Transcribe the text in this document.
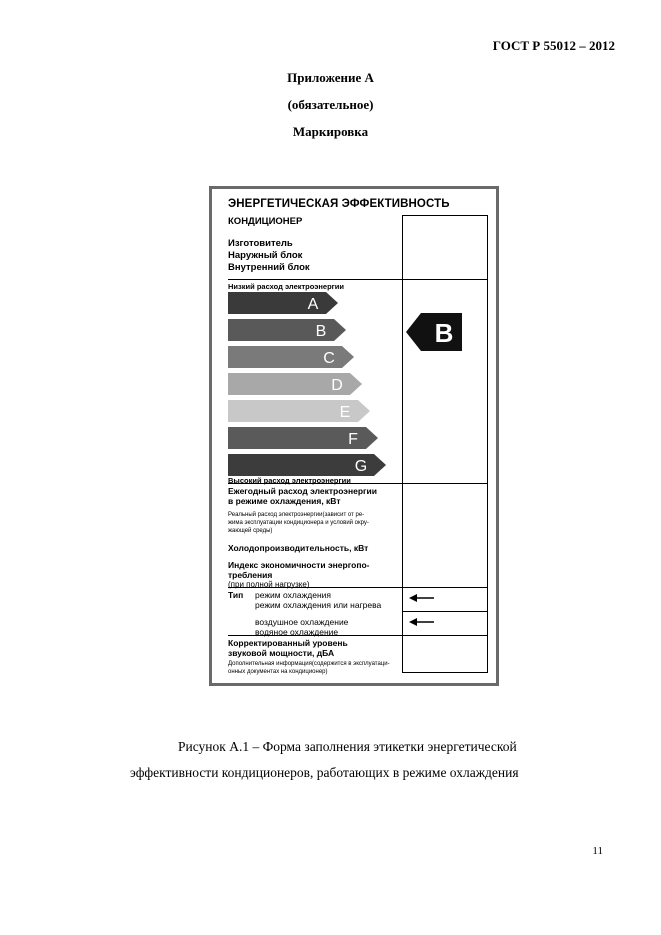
ГОСТ Р 55012 – 2012
Приложение А
(обязательное)
Маркировка
ЭНЕРГЕТИЧЕСКАЯ ЭФФЕКТИВНОСТЬ
КОНДИЦИОНЕР
Изготовитель
Наружный блок
Внутренний блок
Низкий расход электроэнергии
A
B
C
D
E
F
G
B
Высокий расход электроэнергии
Ежегодный расход электроэнергии
в режиме охлаждения, кВт
Реальный расход электроэнергии(зависит от ре-
жима эксплуатации кондиционера и условий окру-
жающей среды)
Холодопроизводительность, кВт
Индекс экономичности энергопо-
требления
(при полной нагрузке)
Тип режим охлаждения
режим охлаждения или нагрева
воздушное охлаждение
водяное охлаждение
Корректированный уровень
звуковой мощности, дБА
Дополнительная информация(содержится в эксплуатаци-
онных документах на кондиционер)
Рисунок А.1 – Форма заполнения этикетки энергетической
эффективности кондиционеров, работающих в режиме охлаждения
11
